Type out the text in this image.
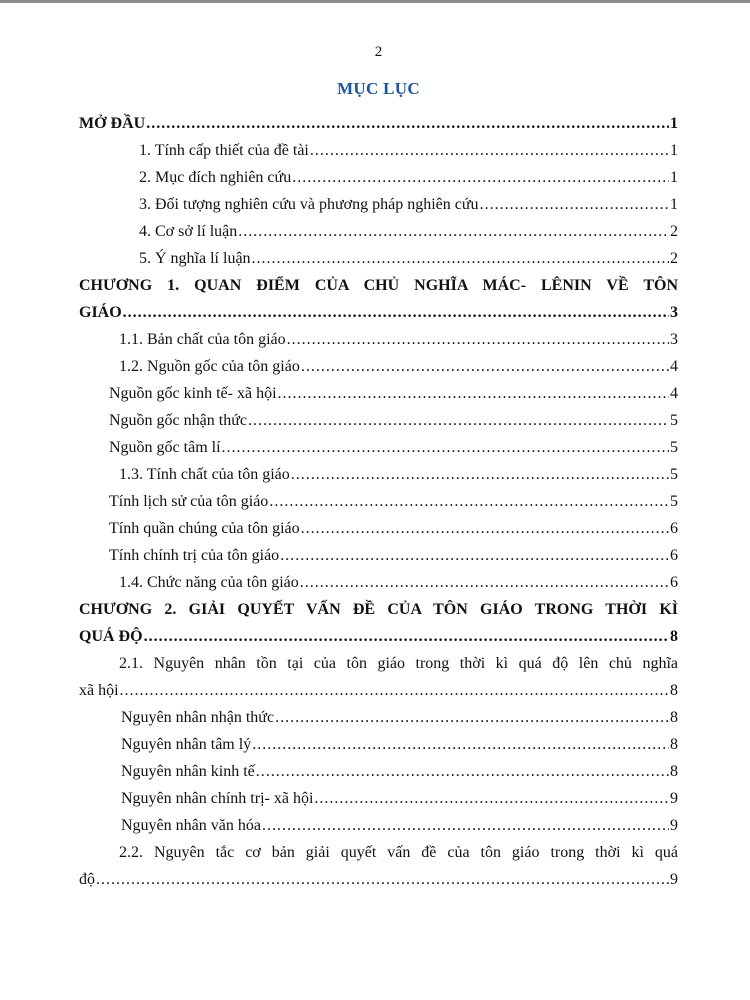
2
MỤC LỤC
MỞ ĐẦU .....	1
1. Tính cấp thiết của đề tài .....	1
2. Mục đích nghiên cứu .....	1
3. Đối tượng nghiên cứu và phương pháp nghiên cứu .....	1
4. Cơ sở lí luận .....	2
5. Ý nghĩa lí luận .....	2
CHƯƠNG 1. QUAN ĐIỂM CỦA CHỦ NGHĨA MÁC- LÊNIN VỀ TÔN
GIÁO .....	3
1.1. Bản chất của tôn giáo .....	3
1.2. Nguồn gốc của tôn giáo .....	4
Nguồn gốc kinh tế- xã hội .....	4
Nguồn gốc nhận thức .....	5
Nguồn gốc tâm lí .....	5
1.3. Tính chất của tôn giáo .....	5
Tính lịch sử của tôn giáo .....	5
Tính quần chúng của tôn giáo .....	6
Tính chính trị của tôn giáo .....	6
1.4. Chức năng của tôn giáo .....	6
CHƯƠNG 2. GIẢI QUYẾT VẤN ĐỀ CỦA TÔN GIÁO TRONG THỜI KÌ
QUÁ ĐỘ .....	8
2.1. Nguyên nhân tồn tại của tôn giáo trong thời kì quá độ lên chủ nghĩa
xã hội .....	8
Nguyên nhân nhận thức .....	8
Nguyên nhân tâm lý .....	8
Nguyên nhân kinh tế .....	8
Nguyên nhân chính trị- xã hội .....	9
Nguyên nhân văn hóa .....	9
2.2. Nguyên tắc cơ bản giải quyết vấn đề của tôn giáo trong thời kì quá
độ .....	9
